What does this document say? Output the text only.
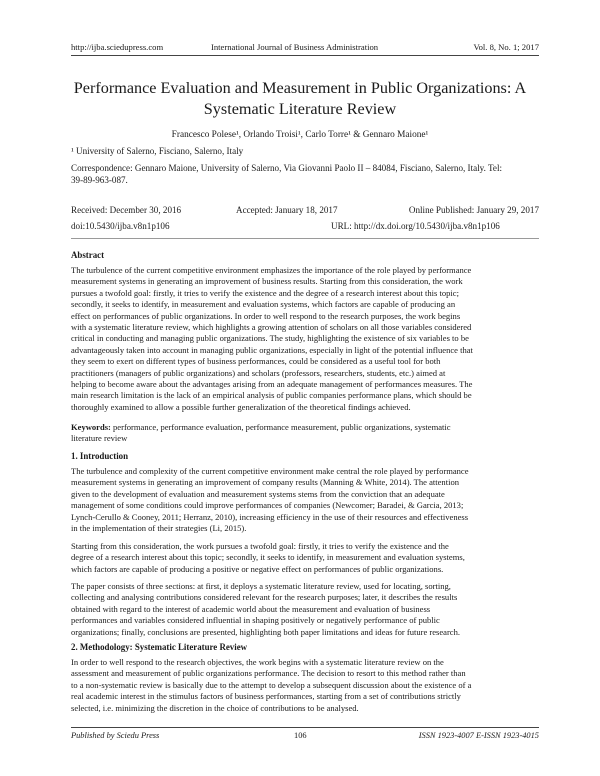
http://ijba.sciedupress.com	International Journal of Business Administration	Vol. 8, No. 1; 2017
Performance Evaluation and Measurement in Public Organizations: A
Systematic Literature Review
Francesco Polese¹, Orlando Troisi¹, Carlo Torre¹ & Gennaro Maione¹
¹ University of Salerno, Fisciano, Salerno, Italy
Correspondence: Gennaro Maione, University of Salerno, Via Giovanni Paolo II – 84084, Fisciano, Salerno, Italy. Tel:
39-89-963-087.
Received: December 30, 2016	Accepted: January 18, 2017	Online Published: January 29, 2017
doi:10.5430/ijba.v8n1p106	URL: http://dx.doi.org/10.5430/ijba.v8n1p106
Abstract
The turbulence of the current competitive environment emphasizes the importance of the role played by performance
measurement systems in generating an improvement of business results. Starting from this consideration, the work
pursues a twofold goal: firstly, it tries to verify the existence and the degree of a research interest about this topic;
secondly, it seeks to identify, in measurement and evaluation systems, which factors are capable of producing an
effect on performances of public organizations. In order to well respond to the research purposes, the work begins
with a systematic literature review, which highlights a growing attention of scholars on all those variables considered
critical in conducting and managing public organizations. The study, highlighting the existence of six variables to be
advantageously taken into account in managing public organizations, especially in light of the potential influence that
they seem to exert on different types of business performances, could be considered as a useful tool for both
practitioners (managers of public organizations) and scholars (professors, researchers, students, etc.) aimed at
helping to become aware about the advantages arising from an adequate management of performances measures. The
main research limitation is the lack of an empirical analysis of public companies performance plans, which should be
thoroughly examined to allow a possible further generalization of the theoretical findings achieved.
Keywords: performance, performance evaluation, performance measurement, public organizations, systematic
literature review
1. Introduction
The turbulence and complexity of the current competitive environment make central the role played by performance
measurement systems in generating an improvement of company results (Manning & White, 2014). The attention
given to the development of evaluation and measurement systems stems from the conviction that an adequate
management of some conditions could improve performances of companies (Newcomer; Baradei, & Garcia, 2013;
Lynch-Cerullo & Cooney, 2011; Herranz, 2010), increasing efficiency in the use of their resources and effectiveness
in the implementation of their strategies (Li, 2015).
Starting from this consideration, the work pursues a twofold goal: firstly, it tries to verify the existence and the
degree of a research interest about this topic; secondly, it seeks to identify, in measurement and evaluation systems,
which factors are capable of producing a positive or negative effect on performances of public organizations.
The paper consists of three sections: at first, it deploys a systematic literature review, used for locating, sorting,
collecting and analysing contributions considered relevant for the research purposes; later, it describes the results
obtained with regard to the interest of academic world about the measurement and evaluation of business
performances and variables considered influential in shaping positively or negatively performance of public
organizations; finally, conclusions are presented, highlighting both paper limitations and ideas for future research.
2. Methodology: Systematic Literature Review
In order to well respond to the research objectives, the work begins with a systematic literature review on the
assessment and measurement of public organizations performance. The decision to resort to this method rather than
to a non-systematic review is basically due to the attempt to develop a subsequent discussion about the existence of a
real academic interest in the stimulus factors of business performances, starting from a set of contributions strictly
selected, i.e. minimizing the discretion in the choice of contributions to be analysed.
Published by Sciedu Press	106	ISSN 1923-4007 E-ISSN 1923-4015
